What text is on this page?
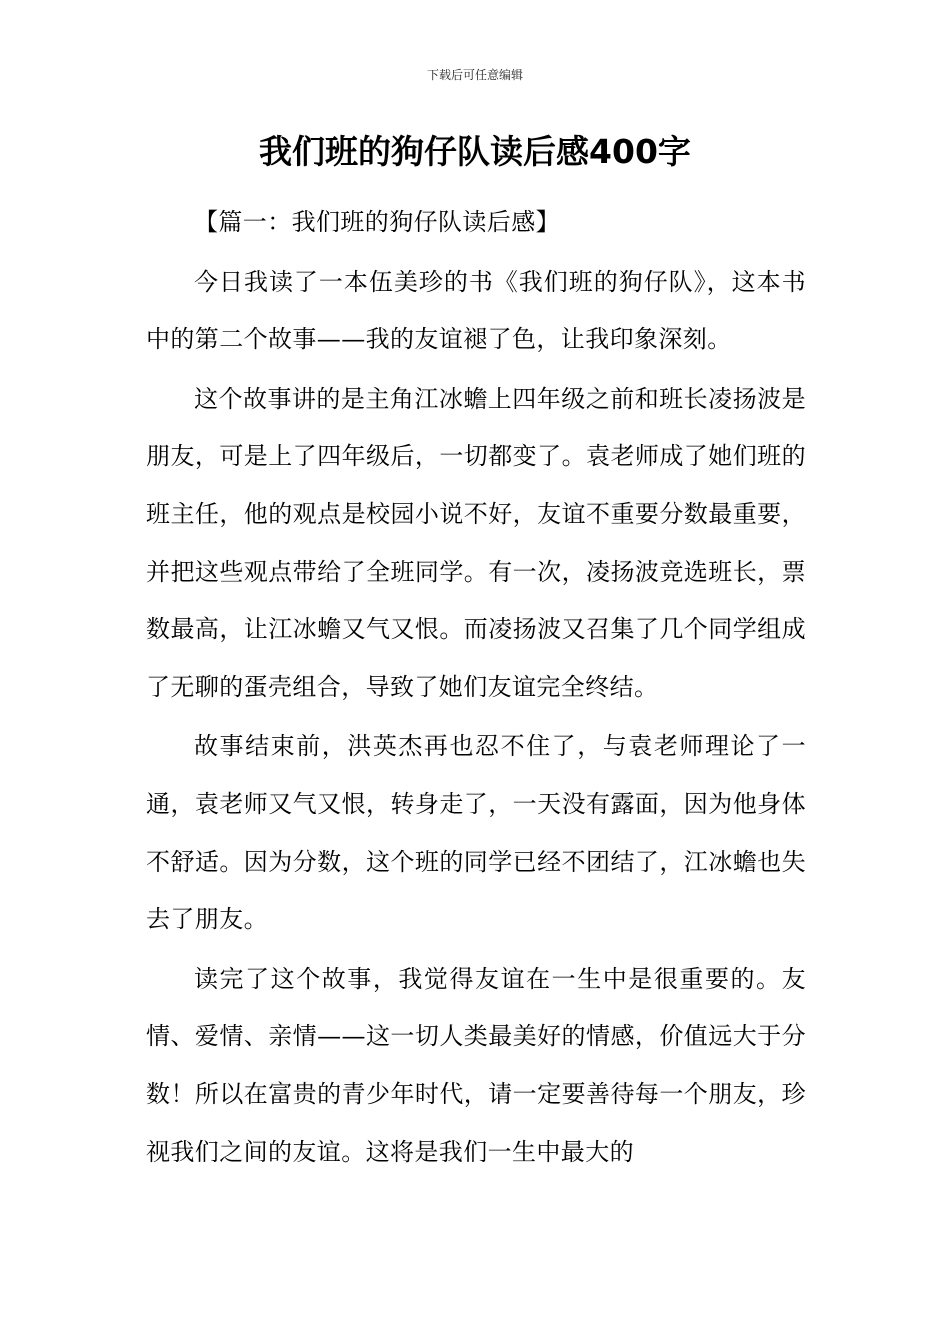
下载后可任意编辑
我们班的狗仔队读后感400字

【篇一：我们班的狗仔队读后感】

今日我读了一本伍美珍的书《我们班的狗仔队》，这本书中的第二个故事——我的友谊褪了色，让我印象深刻。

这个故事讲的是主角江冰蟾上四年级之前和班长凌扬波是朋友，可是上了四年级后，一切都变了。袁老师成了她们班的班主任，他的观点是校园小说不好，友谊不重要分数最重要，并把这些观点带给了全班同学。有一次，凌扬波竞选班长，票数最高，让江冰蟾又气又恨。而凌扬波又召集了几个同学组成了无聊的蛋壳组合，导致了她们友谊完全终结。

故事结束前，洪英杰再也忍不住了，与袁老师理论了一通，袁老师又气又恨，转身走了，一天没有露面，因为他身体不舒适。因为分数，这个班的同学已经不团结了，江冰蟾也失去了朋友。

读完了这个故事，我觉得友谊在一生中是很重要的。友情、爱情、亲情——这一切人类最美好的情感，价值远大于分数！所以在富贵的青少年时代，请一定要善待每一个朋友，珍视我们之间的友谊。这将是我们一生中最大的
